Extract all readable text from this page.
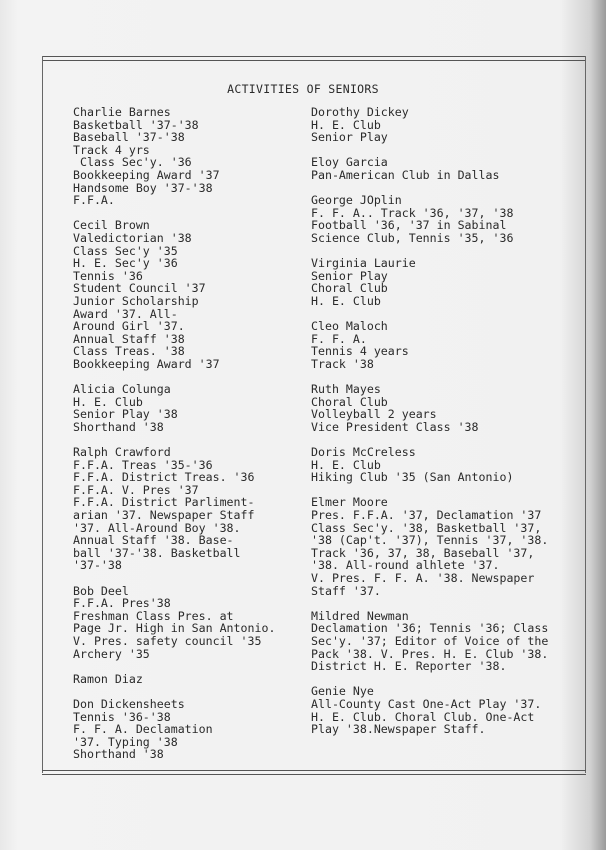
ACTIVITIES OF SENIORS
Charlie Barnes
Basketball '37-'38
Baseball '37-'38
Track 4 yrs
Class Sec'y. '36
Bookkeeping Award '37
Handsome Boy '37-'38
F.F.A.
Cecil Brown
Valedictorian '38
Class Sec'y '35
H. E. Sec'y '36
Tennis '36
Student Council '37
Junior Scholarship
Award '37. All-
Around Girl '37.
Annual Staff '38
Class Treas. '38
Bookkeeping Award '37
Alicia Colunga
H. E. Club
Senior Play '38
Shorthand '38
Ralph Crawford
F.F.A. Treas '35-'36
F.F.A. District Treas. '36
F.F.A. V. Pres '37
F.F.A. District Parliment-
arian '37. Newspaper Staff
'37. All-Around Boy '38.
Annual Staff '38. Base-
ball '37-'38. Basketball
'37-'38
Bob Deel
F.F.A. Pres'38
Freshman Class Pres. at
Page Jr. High in San Antonio.
V. Pres. safety council '35
Archery '35
Ramon Diaz
Don Dickensheets
Tennis '36-'38
F. F. A. Declamation
'37. Typing '38
Shorthand '38
Dorothy Dickey
H. E. Club
Senior Play
Eloy Garcia
Pan-American Club in Dallas
George JOplin
F. F. A.. Track '36, '37, '38
Football '36, '37 in Sabinal
Science Club, Tennis '35, '36
Virginia Laurie
Senior Play
Choral Club
H. E. Club
Cleo Maloch
F. F. A.
Tennis 4 years
Track '38
Ruth Mayes
Choral Club
Volleyball 2 years
Vice President Class '38
Doris McCreless
H. E. Club
Hiking Club '35 (San Antonio)
Elmer Moore
Pres. F.F.A. '37, Declamation '37
Class Sec'y. '38, Basketball '37,
'38 (Cap't. '37), Tennis '37, '38.
Track '36, 37, 38, Baseball '37,
'38. All-round alhlete '37.
V. Pres. F. F. A. '38. Newspaper
Staff '37.
Mildred Newman
Declamation '36; Tennis '36; Class
Sec'y. '37; Editor of Voice of the
Pack '38. V. Pres. H. E. Club '38.
District H. E. Reporter '38.
Genie Nye
All-County Cast One-Act Play '37.
H. E. Club. Choral Club. One-Act
Play '38.Newspaper Staff.
